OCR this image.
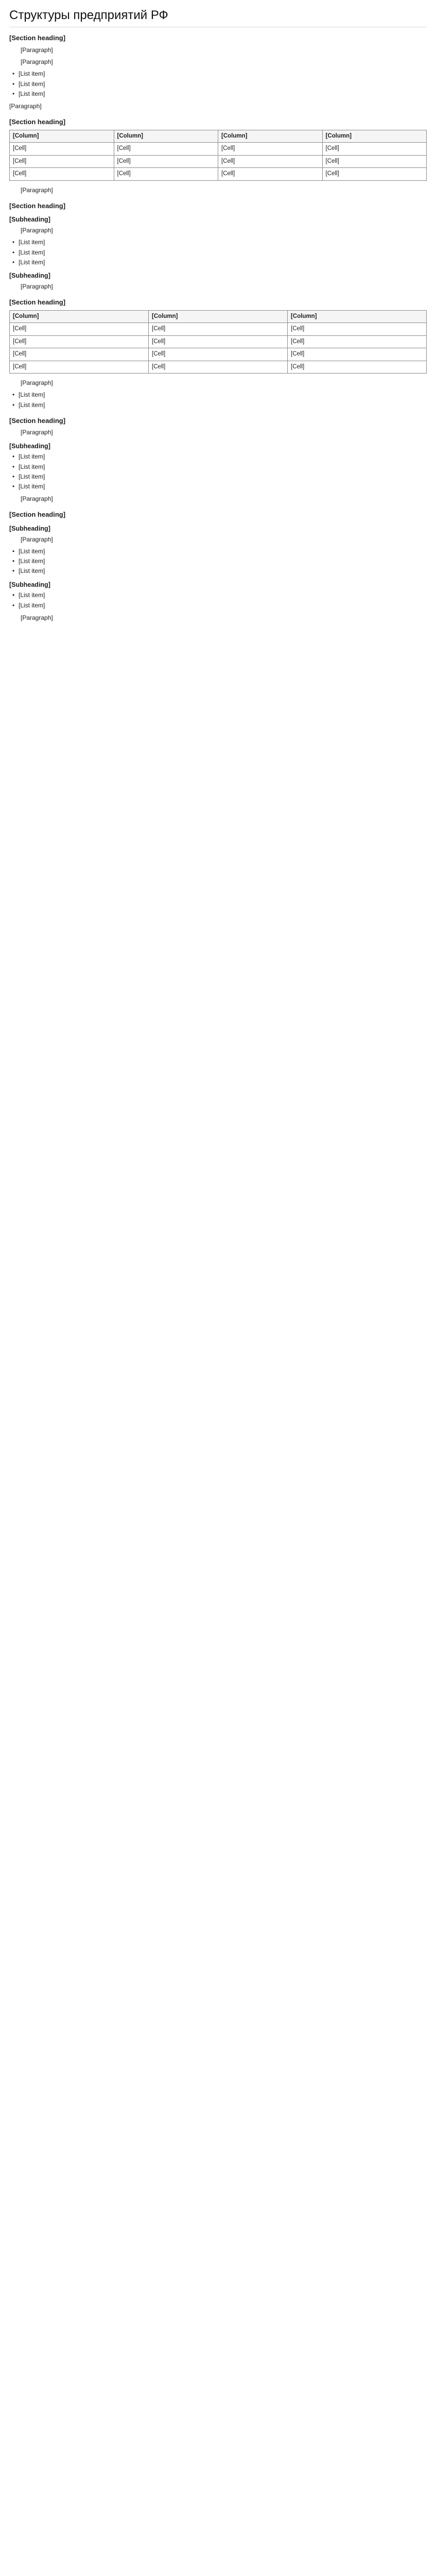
Структуры предприятий РФ
[Section heading]

[Paragraph]

[Paragraph]

• [List item]
• [List item]
• [List item]

[Paragraph]

[Section heading]
[Column]	[Column]	[Column]	[Column]
[Cell]	[Cell]	[Cell]	[Cell]
[Cell]	[Cell]	[Cell]	[Cell]
[Cell]	[Cell]	[Cell]	[Cell]

[Paragraph]

[Section heading]
[Subheading]

[Paragraph]

• [List item]
• [List item]
• [List item]
[Subheading]

[Paragraph]

[Section heading]
[Column]	[Column]	[Column]
[Cell]	[Cell]	[Cell]
[Cell]	[Cell]	[Cell]
[Cell]	[Cell]	[Cell]
[Cell]	[Cell]	[Cell]

[Paragraph]

• [List item]
• [List item]
[Section heading]

[Paragraph]

[Subheading]
• [List item]
• [List item]
• [List item]
• [List item]

[Paragraph]

[Section heading]
[Subheading]

[Paragraph]

• [List item]
• [List item]
• [List item]
[Subheading]
• [List item]
• [List item]

[Paragraph]
